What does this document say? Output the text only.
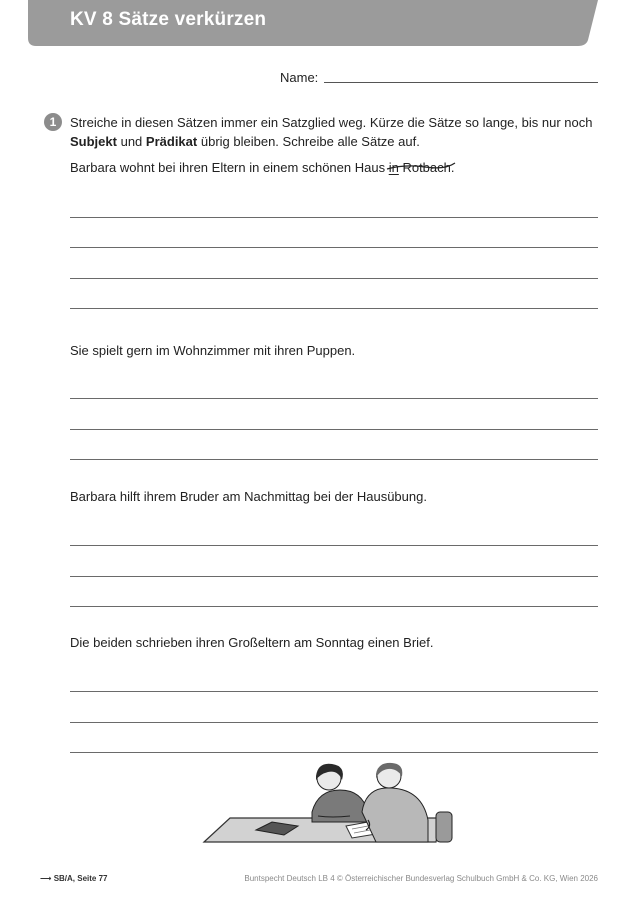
KV 8 Sätze verkürzen
Name:
1	Streiche in diesen Sätzen immer ein Satzglied weg. Kürze die Sätze so lange, bis nur noch Subjekt und Prädikat übrig bleiben. Schreibe alle Sätze auf.
Barbara wohnt bei ihren Eltern in einem schönen Haus in Rotbach
.
Sie spielt gern im Wohnzimmer mit ihren Puppen.
Barbara hilft ihrem Bruder am Nachmittag bei der Hausübung.
Die beiden schrieben ihren Großeltern am Sonntag einen Brief.
⟶ SB/A, Seite 77	Buntspecht Deutsch LB 4 © Österreichischer Bundesverlag Schulbuch GmbH & Co. KG, Wien 2026
